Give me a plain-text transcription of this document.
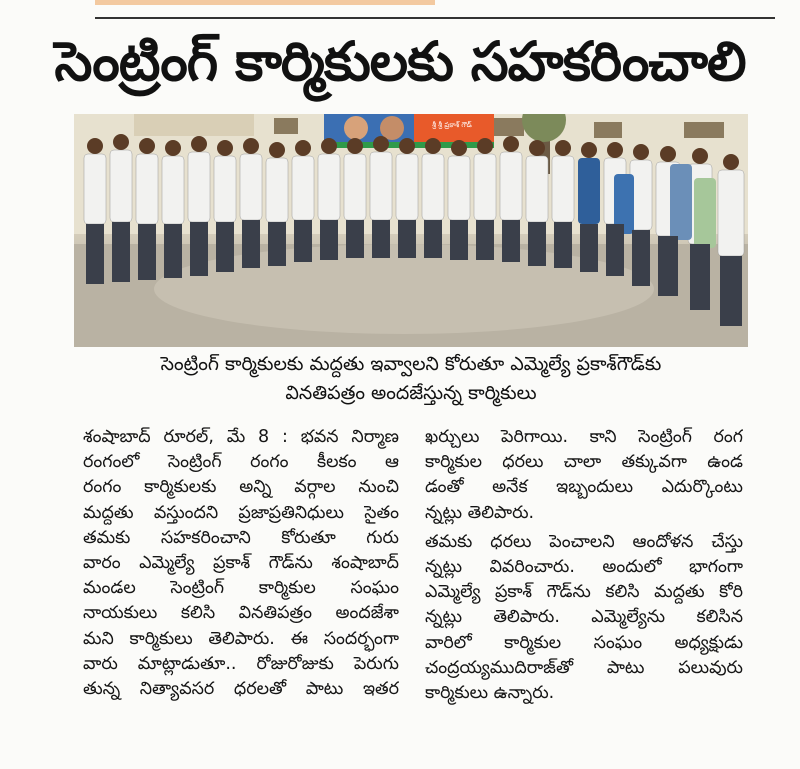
సెంట్రింగ్ కార్మికులకు సహకరించాలి
శ్రీ శ్రీ ప్రకాశ్ గౌడ్
సెంట్రింగ్ కార్మికులకు మద్దతు ఇవ్వాలని కోరుతూ ఎమ్మెల్యే ప్రకాశ్‌గౌడ్‌కు
వినతిపత్రం అందజేస్తున్న కార్మికులు

శంషాబాద్ రూరల్, మే 8 : భవన నిర్మాణ

రంగంలో సెంట్రింగ్ రంగం కీలకం ఆ

రంగం కార్మికులకు అన్ని వర్గాల నుంచి

మద్దతు వస్తుందని ప్రజాప్రతినిధులు సైతం

తమకు సహకరించాని కోరుతూ గురు

వారం ఎమ్మెల్యే ప్రకాశ్ గౌడ్‌ను శంషాబాద్

మండల సెంట్రింగ్ కార్మికుల సంఘం

నాయకులు కలిసి వినతిపత్రం అందజేశా

మని కార్మికులు తెలిపారు. ఈ సందర్భంగా

వారు మాట్లాడుతూ.. రోజురోజుకు పెరుగు

తున్న నిత్యావసర ధరలతో పాటు ఇతర

ఖర్చులు పెరిగాయి. కాని సెంట్రింగ్ రంగ

కార్మికుల ధరలు చాలా తక్కువగా ఉండ

డంతో అనేక ఇబ్బందులు ఎదుర్కొంటు

న్నట్లు తెలిపారు.

తమకు ధరలు పెంచాలని ఆందోళన చేస్తు

న్నట్లు వివరించారు. అందులో భాగంగా

ఎమ్మెల్యే ప్రకాశ్ గౌడ్‌ను కలిసి మద్దతు కోరి

న్నట్లు తెలిపారు. ఎమ్మెల్యేను కలిసిన

వారిలో కార్మికుల సంఘం అధ్యక్షుడు

చంద్రయ్యముదిరాజ్‌తో పాటు పలువురు

కార్మికులు ఉన్నారు.
